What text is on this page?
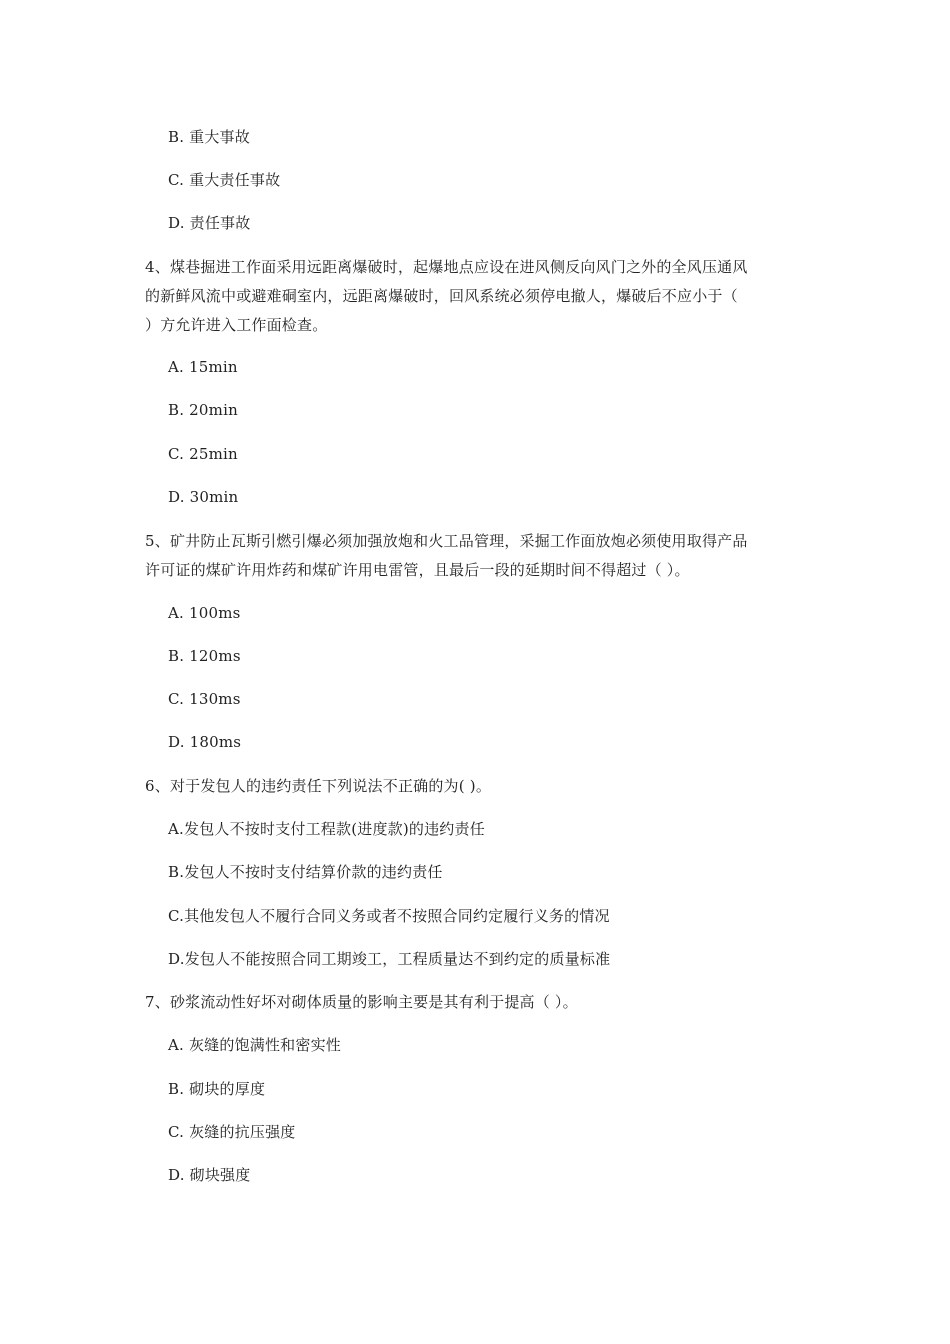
B. 重大事故
C. 重大责任事故
D. 责任事故
4、煤巷掘进工作面采用远距离爆破时，起爆地点应设在进风侧反向风门之外的全风压通风
的新鲜风流中或避难硐室内，远距离爆破时，回风系统必须停电撤人，爆破后不应小于（
）方允许进入工作面检查。
A. 15min
B. 20min
C. 25min
D. 30min
5、矿井防止瓦斯引燃引爆必须加强放炮和火工品管理，采掘工作面放炮必须使用取得产品
许可证的煤矿许用炸药和煤矿许用电雷管，且最后一段的延期时间不得超过（ ）。
A. 100ms
B. 120ms
C. 130ms
D. 180ms
6、对于发包人的违约责任下列说法不正确的为( )。
A.发包人不按时支付工程款(进度款)的违约责任
B.发包人不按时支付结算价款的违约责任
C.其他发包人不履行合同义务或者不按照合同约定履行义务的情况
D.发包人不能按照合同工期竣工，工程质量达不到约定的质量标准
7、砂浆流动性好坏对砌体质量的影响主要是其有利于提高（ ）。
A. 灰缝的饱满性和密实性
B. 砌块的厚度
C. 灰缝的抗压强度
D. 砌块强度
